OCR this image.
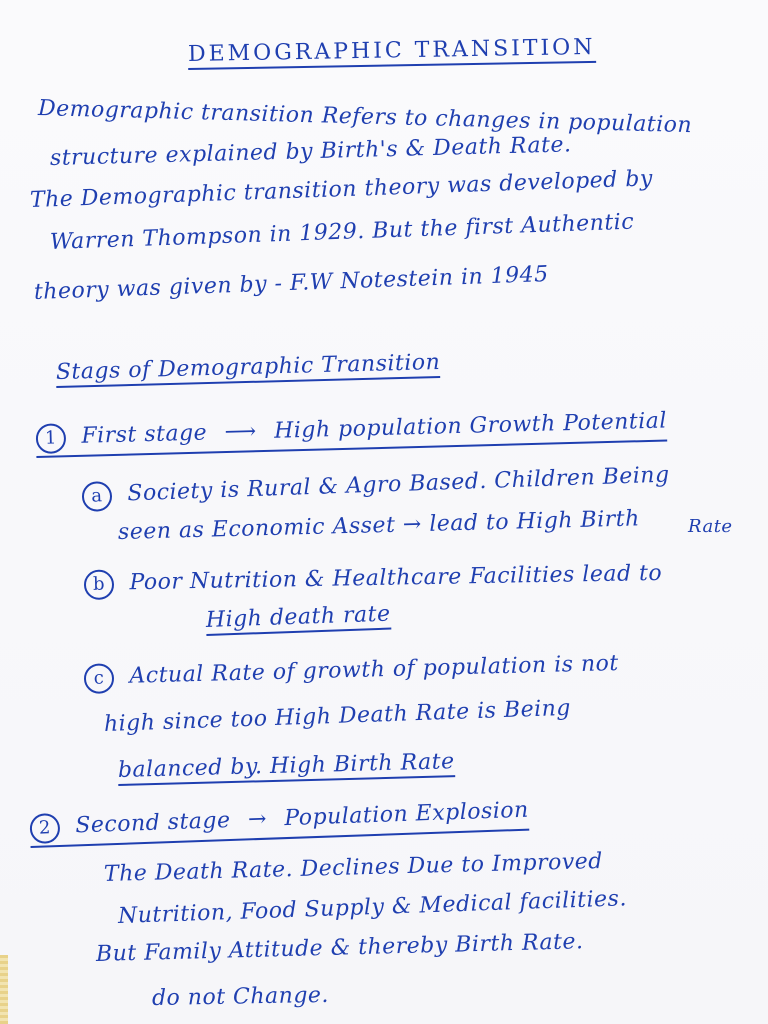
DEMOGRAPHIC TRANSITION
Demographic transition Refers to changes in population
structure explained by Birth's & Death Rate.
The Demographic transition theory was developed by
Warren Thompson in 1929. But the first Authentic
theory was given by - F.W Notestein in 1945
Stags of Demographic Transition
1 First stage ⟶ High population Growth Potential
a Society is Rural & Agro Based. Children Being
seen as Economic Asset → lead to High Birth	Rate
b Poor Nutrition & Healthcare Facilities lead to
High death rate
c Actual Rate of growth of population is not
high since too High Death Rate is Being
balanced by. High Birth Rate
2 Second stage → Population Explosion
The Death Rate. Declines Due to Improved
Nutrition, Food Supply & Medical facilities.
But Family Attitude & thereby Birth Rate.
do not Change.
